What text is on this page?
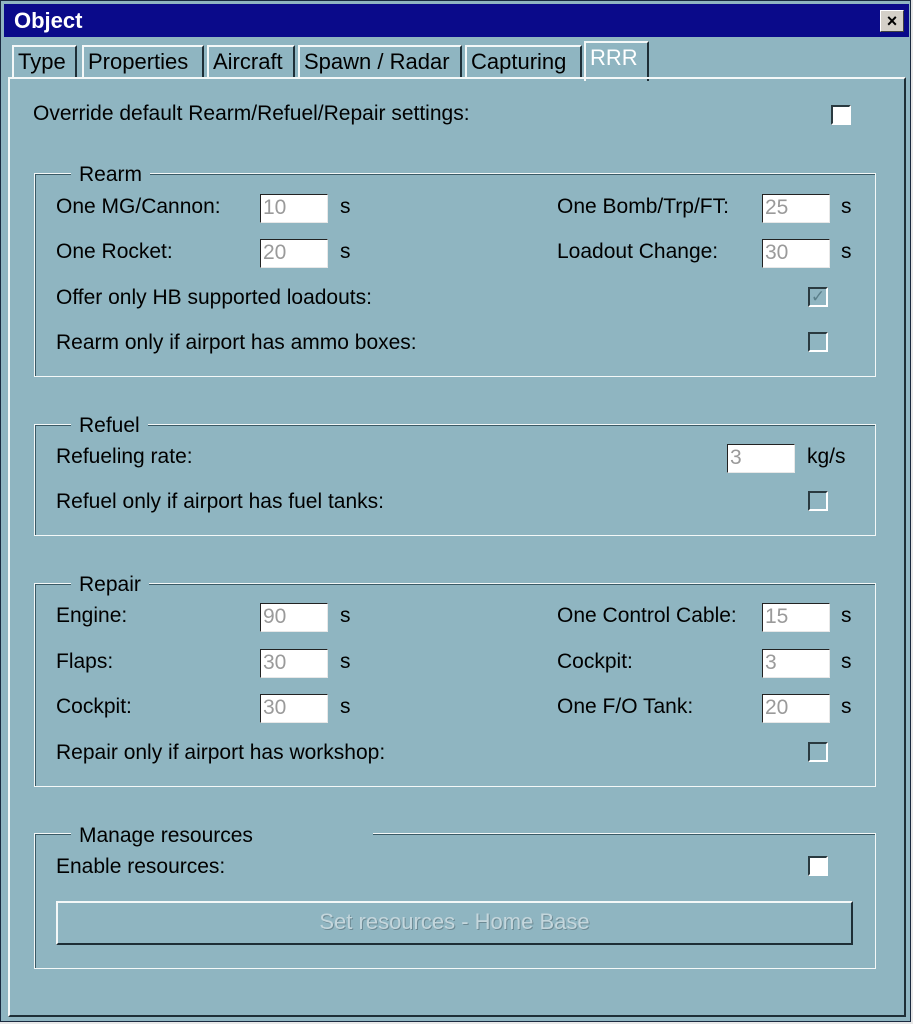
Object	×
Type	Properties	Aircraft Spawn / Radar Capturing	RRR
Override default Rearm/Refuel/Repair settings:
Rearm
One MG/Cannon: 10	s	One Bomb/Trp/FT: 25	s
One Rocket:	20	s	Loadout Change: 30	s
Offer only HB supported loadouts:	✓
Rearm only if airport has ammo boxes:
Refuel
Refueling rate:	3	kg/s
Refuel only if airport has fuel tanks:
Repair
Engine:	90	s	One Control Cable: 15	s
Flaps:	30	s	Cockpit:	3	s
Cockpit:	30	s	One F/O Tank:	20	s
Repair only if airport has workshop:
Manage resources
Enable resources:
Set resources - Home Base
